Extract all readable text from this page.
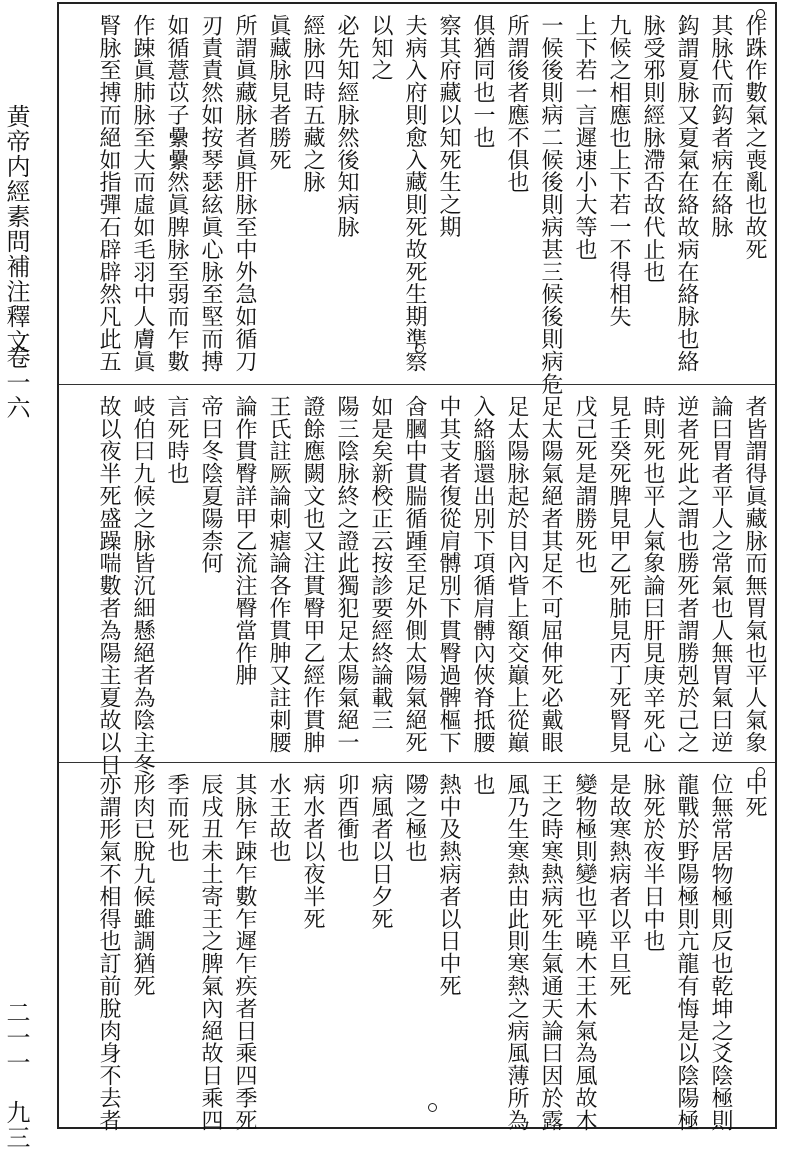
黄帝内經素問補注釋文
卷一六
二一一　九三
作跦作數氣之喪亂也故死
其脉代而鈎者病在絡脉
鈎謂夏脉又夏氣在絡故病在絡脉也絡
脉受邪則經脉滯否故代止也
九候之相應也上下若一不得相失
上下若一言遲速小大等也
一候後則病二候後則病甚三候後則病危
所謂後者應不俱也
俱猶同也一也
察其府藏以知死生之期
夫病入府則愈入藏則死故死生期準察
以知之
必先知經脉然後知病脉
經脉四時五藏之脉
眞藏脉見者勝死
所謂眞藏脉者眞肝脉至中外急如循刀
刃責責然如按琴瑟絃眞心脉至堅而搏
如循薏苡子纍纍然眞脾脉至弱而乍數
作踈眞肺脉至大而虛如毛羽中人膚眞
腎脉至搏而絕如指彈石辟辟然凡此五
者皆謂得眞藏脉而無胃氣也平人氣象
論曰胃者平人之常氣也人無胃氣曰逆
逆者死此之謂也勝死者謂勝剋於己之
時則死也平人氣象論曰肝見庚辛死心
見壬癸死脾見甲乙死肺見丙丁死腎見
戊己死是謂勝死也
足太陽氣絕者其足不可屈伸死必戴眼
足太陽脉起於目內眥上額交巔上從巔
入絡腦還出別下項循肩髆內俠脊抵腰
中其支者復從肩髆別下貫臀過髀樞下
合膕中貫腨循踵至足外側太陽氣絕死
如是矣新校正云按診要經終論載三
陽三陰脉終之證此獨犯足太陽氣絕一
證餘應闕文也又注貫臀甲乙經作貫胂
王氏註厥論刺瘧論各作貫胂又註刺腰
論作貫臀詳甲乙流注臀當作胂
帝曰冬陰夏陽柰何
言死時也
岐伯曰九候之脉皆沉細懸絕者為陰主冬
故以夜半死盛躁喘數者為陽主夏故以日
中死
位無常居物極則反也乾坤之爻陰極則
龍戰於野陽極則亢龍有悔是以陰陽極
脉死於夜半日中也
是故寒熱病者以平旦死
變物極則變也平曉木王木氣為風故木
王之時寒熱病死生氣通天論曰因於露
風乃生寒熱由此則寒熱之病風薄所為
也
熱中及熱病者以日中死
陽之極也
病風者以日夕死
卯酉衝也
病水者以夜半死
水王故也
其脉乍踈乍數乍遲乍疾者日乘四季死
辰戌丑未土寄王之脾氣內絕故日乘四
季而死也
形肉已脫九候雖調猶死
亦謂形氣不相得也訂前脫肉身不去者
